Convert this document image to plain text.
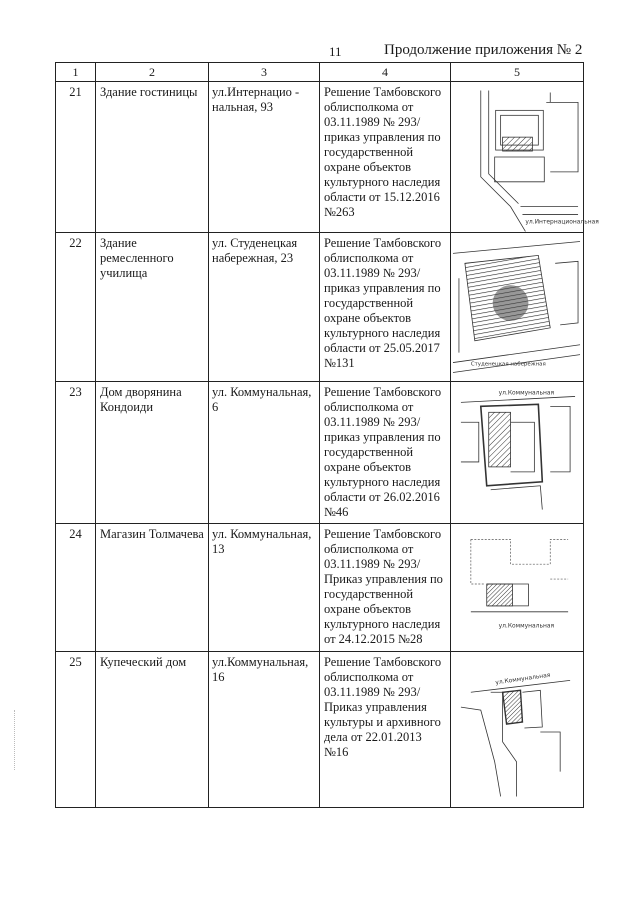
11	Продолжение приложения № 2
1	2	3	4	5
21	Здание гостиницы	ул.Интернацио - нальная, 93	Решение Тамбовского облисполкома от 03.11.1989 № 293/ приказ управления по государственной охране объектов культурного наследия области от 15.12.2016 №263	ул.Интернациональная

22	Здание ремесленного училища	ул. Студенецкая набережная, 23	Решение Тамбовского облисполкома от 03.11.1989 № 293/ приказ управления по государственной охране объектов культурного наследия области от 25.05.2017 №131	Студенецкая набережная

23	Дом дворянина Кондоиди	ул. Коммунальная, 6	Решение Тамбовского облисполкома от 03.11.1989 № 293/ приказ управления по государственной охране объектов культурного наследия области от 26.02.2016 №46	ул.Коммунальная

24	Магазин Толмачева	ул. Коммунальная, 13	Решение Тамбовского облисполкома от 03.11.1989 № 293/ Приказ управления по государственной охране объектов культурного наследия от 24.12.2015 №28	ул.Коммунальная

25	Купеческий дом	ул.Коммунальная, 16	Решение Тамбовского облисполкома от 03.11.1989 № 293/Приказ управления культуры и архивного дела от 22.01.2013 №16	ул.Коммунальная
